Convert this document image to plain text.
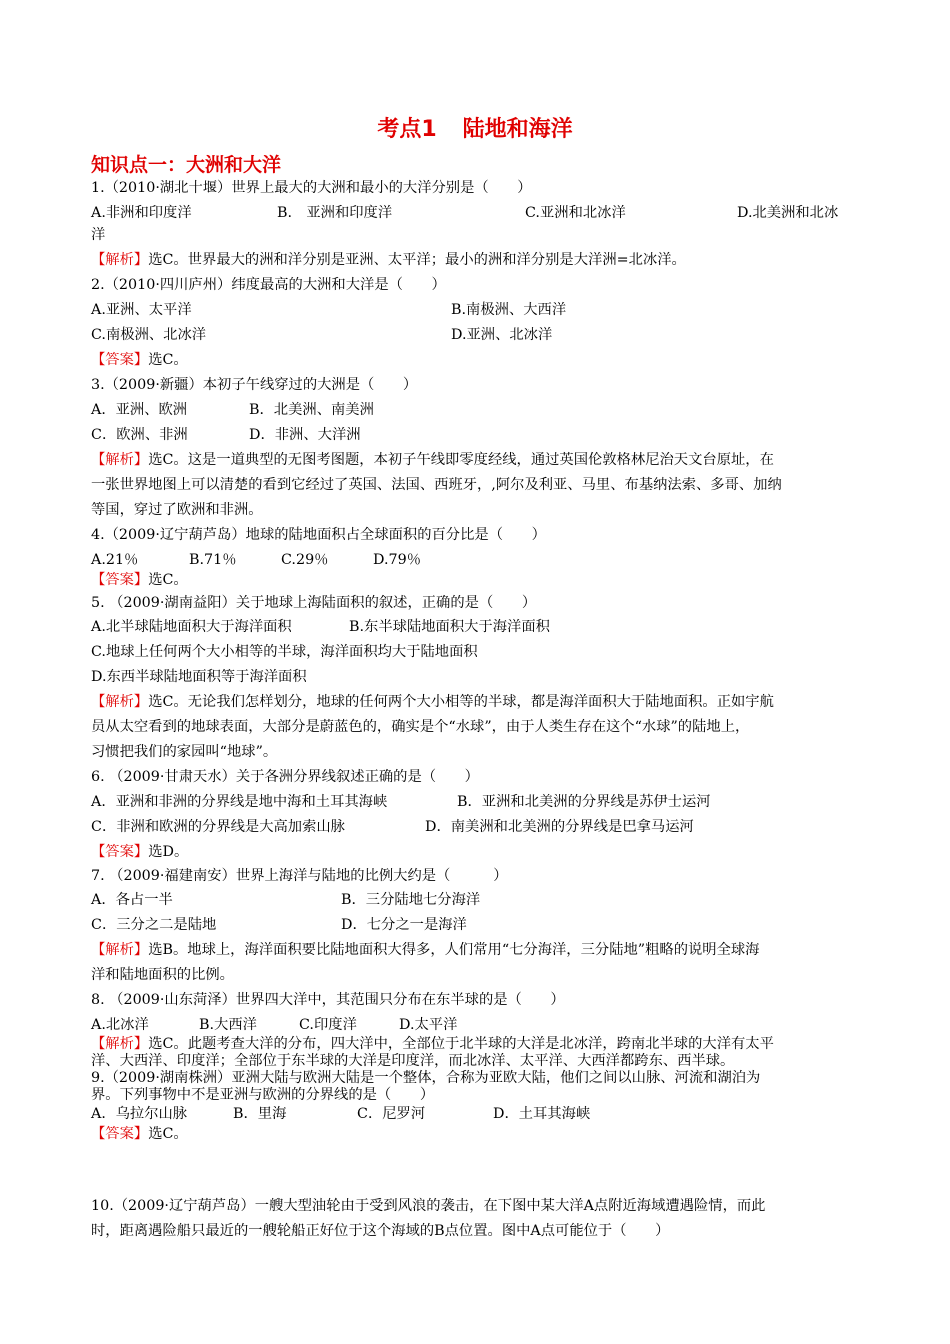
考点1 陆地和海洋
知识点一：大洲和大洋
1.（2010·湖北十堰）世界上最大的大洲和最小的大洋分别是（　　）
A.非洲和印度洋	B.　亚洲和印度洋	C.亚洲和北冰洋	D.北美洲和北冰
洋
【解析】选C。世界最大的洲和洋分别是亚洲、太平洋；最小的洲和洋分别是大洋洲=北冰洋。
2.（2010·四川庐州）纬度最高的大洲和大洋是（　　）
A.亚洲、太平洋	B.南极洲、大西洋
C.南极洲、北冰洋	D.亚洲、北冰洋
【答案】选C。
3.（2009·新疆）本初子午线穿过的大洲是（　　）
A．亚洲、欧洲	B．北美洲、南美洲
C．欧洲、非洲	D．非洲、大洋洲
【解析】选C。这是一道典型的无图考图题，本初子午线即零度经线，通过英国伦敦格林尼治天文台原址，在
一张世界地图上可以清楚的看到它经过了英国、法国、西班牙，,阿尔及利亚、马里、布基纳法索、多哥、加纳
等国，穿过了欧洲和非洲。
4.（2009·辽宁葫芦岛）地球的陆地面积占全球面积的百分比是（　　）
A.21％	B.71％	C.29％	D.79％
【答案】选C。
5. （2009·湖南益阳）关于地球上海陆面积的叙述，正确的是（　　）
A.北半球陆地面积大于海洋面积	B.东半球陆地面积大于海洋面积
C.地球上任何两个大小相等的半球，海洋面积均大于陆地面积
D.东西半球陆地面积等于海洋面积
【解析】选C。无论我们怎样划分，地球的任何两个大小相等的半球，都是海洋面积大于陆地面积。正如宇航
员从太空看到的地球表面，大部分是蔚蓝色的，确实是个“水球”，由于人类生存在这个“水球”的陆地上，
习惯把我们的家园叫“地球”。
6. （2009·甘肃天水）关于各洲分界线叙述正确的是（　　）
A．亚洲和非洲的分界线是地中海和土耳其海峡	B．亚洲和北美洲的分界线是苏伊士运河
C．非洲和欧洲的分界线是大高加索山脉	D．南美洲和北美洲的分界线是巴拿马运河
【答案】选D。
7. （2009·福建南安）世界上海洋与陆地的比例大约是（　　　）
A．各占一半	B．三分陆地七分海洋
C．三分之二是陆地	D．七分之一是海洋
【解析】选B。地球上，海洋面积要比陆地面积大得多，人们常用“七分海洋，三分陆地”粗略的说明全球海
洋和陆地面积的比例。
8. （2009·山东菏泽）世界四大洋中，其范围只分布在东半球的是（　　）
A.北冰洋	B.大西洋	C.印度洋	D.太平洋
【解析】选C。此题考查大洋的分布，四大洋中，全部位于北半球的大洋是北冰洋，跨南北半球的大洋有太平
洋、大西洋、印度洋；全部位于东半球的大洋是印度洋，而北冰洋、太平洋、大西洋都跨东、西半球。
9.（2009·湖南株洲）亚洲大陆与欧洲大陆是一个整体，合称为亚欧大陆，他们之间以山脉、河流和湖泊为
界。下列事物中不是亚洲与欧洲的分界线的是（　　）
A．乌拉尔山脉	B．里海	C．尼罗河	D．土耳其海峡
【答案】选C。
10.（2009·辽宁葫芦岛）一艘大型油轮由于受到风浪的袭击，在下图中某大洋A点附近海域遭遇险情，而此
时，距离遇险船只最近的一艘轮船正好位于这个海域的B点位置。图中A点可能位于（　　）
